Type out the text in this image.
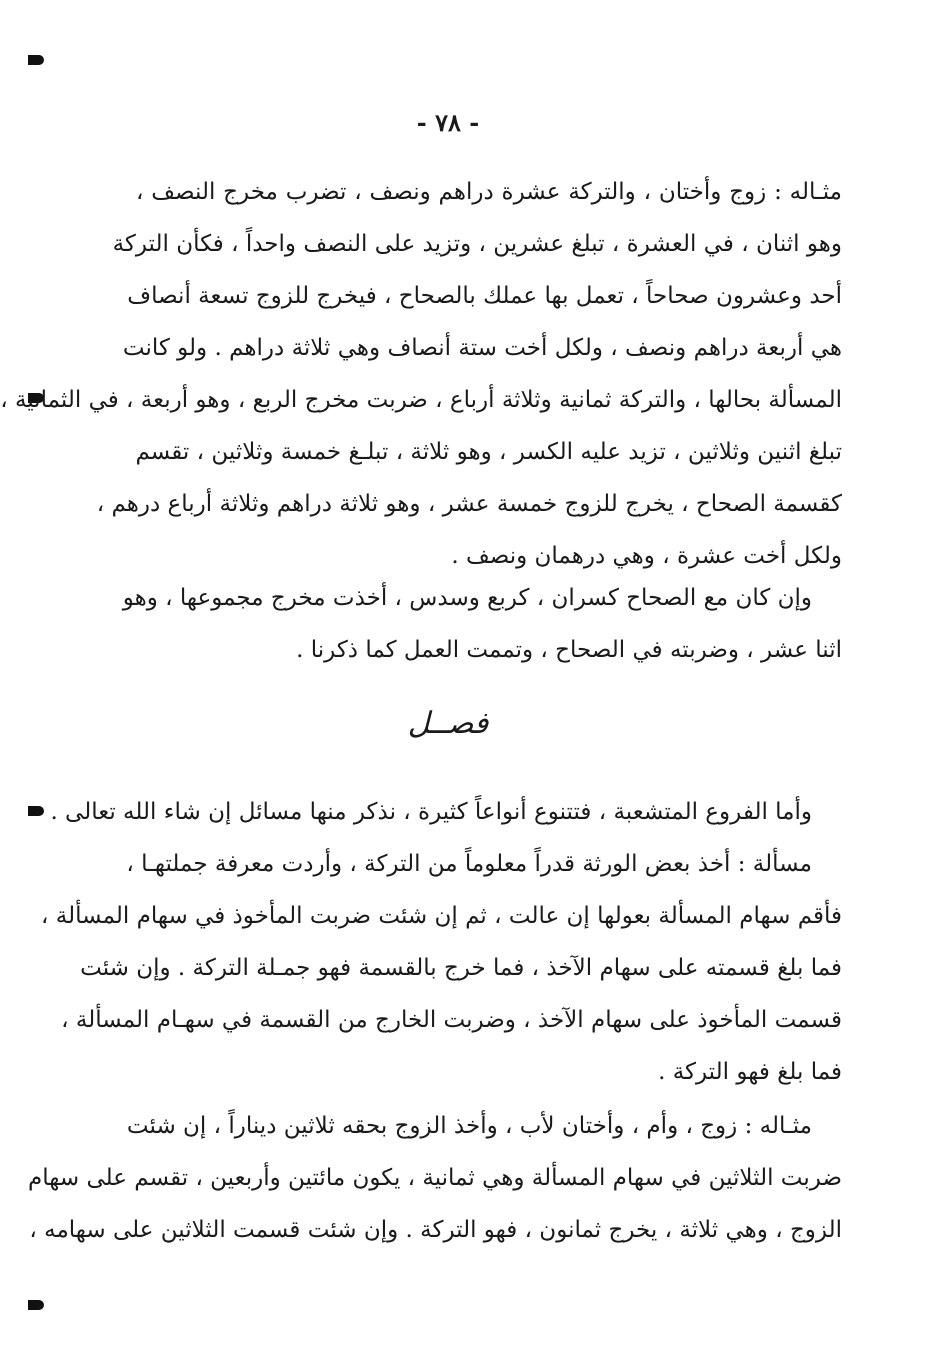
- ٧٨ -
مثـاله : زوج وأختان ، والتركة عشرة دراهم ونصف ، تضرب مخرج النصف ،
وهو اثنان ، في العشرة ، تبلغ عشرين ، وتزيد على النصف واحداً ، فكأن التركة
أحد وعشرون صحاحاً ، تعمل بها عملك بالصحاح ، فيخرج للزوج تسعة أنصاف
هي أربعة دراهم ونصف ، ولكل أخت ستة أنصاف وهي ثلاثة دراهم . ولو كانت
المسألة بحالها ، والتركة ثمانية وثلاثة أرباع ، ضربت مخرج الربع ، وهو أربعة ، في الثمانية ،
تبلغ اثنين وثلاثين ، تزيد عليه الكسر ، وهو ثلاثة ، تبلـغ خمسة وثلاثين ، تقسم
كقسمة الصحاح ، يخرج للزوج خمسة عشر ، وهو ثلاثة دراهم وثلاثة أرباع درهم ،
ولكل أخت عشرة ، وهي درهمان ونصف .
وإن كان مع الصحاح كسران ، كربع وسدس ، أخذت مخرج مجموعها ، وهو
اثنا عشر ، وضربته في الصحاح ، وتممت العمل كما ذكرنا .
فصــل
وأما الفروع المتشعبة ، فتتنوع أنواعاً كثيرة ، نذكر منها مسائل إن شاء الله تعالى .
مسألة : أخذ بعض الورثة قدراً معلوماً من التركة ، وأردت معرفة جملتهـا ،
فأقم سهام المسألة بعولها إن عالت ، ثم إن شئت ضربت المأخوذ في سهام المسألة ،
فما بلغ قسمته على سهام الآخذ ، فما خرج بالقسمة فهو جمـلة التركة . وإن شئت
قسمت المأخوذ على سهام الآخذ ، وضربت الخارج من القسمة في سهـام المسألة ،
فما بلغ فهو التركة .
مثـاله : زوج ، وأم ، وأختان لأب ، وأخذ الزوج بحقه ثلاثين ديناراً ، إن شئت
ضربت الثلاثين في سهام المسألة وهي ثمانية ، يكون مائتين وأربعين ، تقسم على سهام
الزوج ، وهي ثلاثة ، يخرج ثمانون ، فهو التركة . وإن شئت قسمت الثلاثين على سهامه ،
